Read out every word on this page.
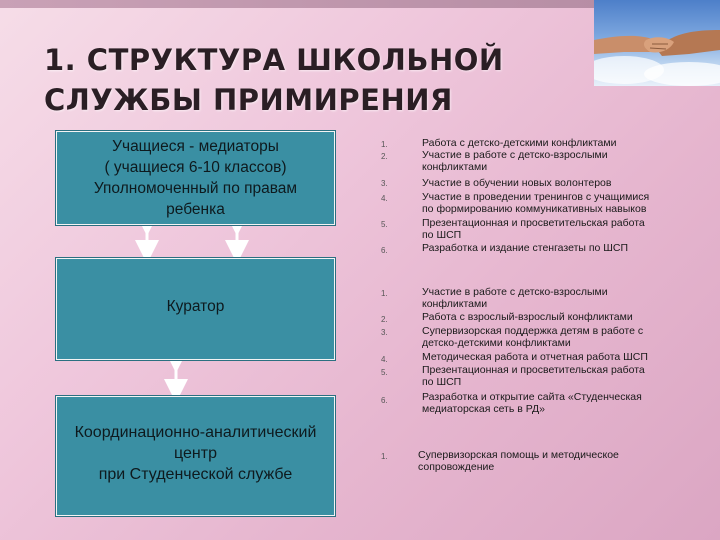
1. СТРУКТУРА ШКОЛЬНОЙ СЛУЖБЫ ПРИМИРЕНИЯ
Учащиеся - медиаторы
( учащиеся 6-10 классов)
Уполномоченный по правам
ребенка
Куратор
Координационно-аналитический
центр
при Студенческой службе
1.	Работа с детско-детскими конфликтами
2.	Участие в работе с детско-взрослыми
конфликтами
3.	Участие в обучении новых волонтеров
4.	Участие в проведении тренингов с учащимися
по формированию коммуникативных навыков
5.	Презентационная и просветительская работа
по ШСП
6.	Разработка и издание стенгазеты по ШСП
1.	Участие в работе с детско-взрослыми
конфликтами
2.	Работа с взрослый-взрослый конфликтами
3.	Супервизорская поддержка детям в работе с
детско-детскими конфликтами
4.	Методическая работа и отчетная работа ШСП
5.	Презентационная и просветительская работа
по ШСП
6.	Разработка и открытие сайта «Студенческая
медиаторская сеть в РД»
1.	Супервизорская помощь и методическое
сопровождение
